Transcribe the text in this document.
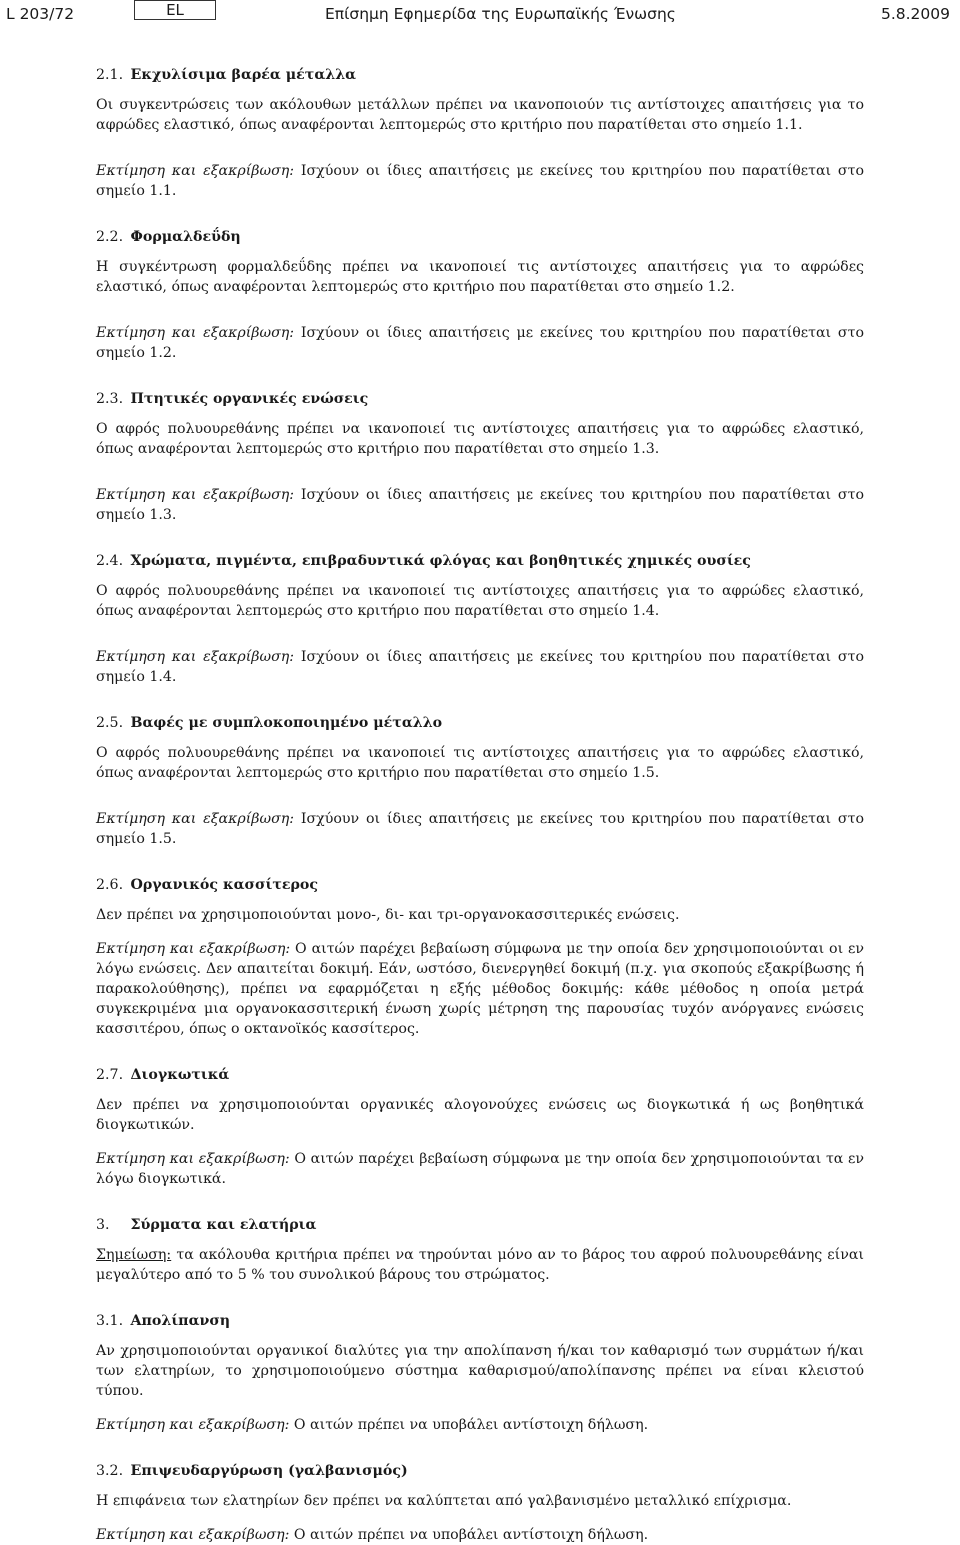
L 203/72	EL	Επίσημη Εφημερίδα της Ευρωπαϊκής Ένωσης	5.8.2009
2.1. Εκχυλίσιμα βαρέα μέταλλα

Οι συγκεντρώσεις των ακόλουθων μετάλλων πρέπει να ικανοποιούν τις αντίστοιχες απαιτήσεις για το αφρώδες ελαστικό, όπως αναφέρονται λεπτομερώς στο κριτήριο που παρατίθεται στο σημείο 1.1.

Εκτίμηση και εξακρίβωση: Ισχύουν οι ίδιες απαιτήσεις με εκείνες του κριτηρίου που παρατίθεται στο σημείο 1.1.

2.2. Φορμαλδεΰδη

Η συγκέντρωση φορμαλδεΰδης πρέπει να ικανοποιεί τις αντίστοιχες απαιτήσεις για το αφρώδες ελαστικό, όπως αναφέρονται λεπτομερώς στο κριτήριο που παρατίθεται στο σημείο 1.2.

Εκτίμηση και εξακρίβωση: Ισχύουν οι ίδιες απαιτήσεις με εκείνες του κριτηρίου που παρατίθεται στο σημείο 1.2.

2.3. Πτητικές οργανικές ενώσεις

Ο αφρός πολυουρεθάνης πρέπει να ικανοποιεί τις αντίστοιχες απαιτήσεις για το αφρώδες ελαστικό, όπως αναφέρονται λεπτομερώς στο κριτήριο που παρατίθεται στο σημείο 1.3.

Εκτίμηση και εξακρίβωση: Ισχύουν οι ίδιες απαιτήσεις με εκείνες του κριτηρίου που παρατίθεται στο σημείο 1.3.

2.4. Χρώματα, πιγμέντα, επιβραδυντικά φλόγας και βοηθητικές χημικές ουσίες

Ο αφρός πολυουρεθάνης πρέπει να ικανοποιεί τις αντίστοιχες απαιτήσεις για το αφρώδες ελαστικό, όπως αναφέρονται λεπτομερώς στο κριτήριο που παρατίθεται στο σημείο 1.4.

Εκτίμηση και εξακρίβωση: Ισχύουν οι ίδιες απαιτήσεις με εκείνες του κριτηρίου που παρατίθεται στο σημείο 1.4.

2.5. Βαφές με συμπλοκοποιημένο μέταλλο

Ο αφρός πολυουρεθάνης πρέπει να ικανοποιεί τις αντίστοιχες απαιτήσεις για το αφρώδες ελαστικό, όπως αναφέρονται λεπτομερώς στο κριτήριο που παρατίθεται στο σημείο 1.5.

Εκτίμηση και εξακρίβωση: Ισχύουν οι ίδιες απαιτήσεις με εκείνες του κριτηρίου που παρατίθεται στο σημείο 1.5.

2.6. Οργανικός κασσίτερος

Δεν πρέπει να χρησιμοποιούνται μονο-, δι- και τρι-οργανοκασσιτερικές ενώσεις.

Εκτίμηση και εξακρίβωση: Ο αιτών παρέχει βεβαίωση σύμφωνα με την οποία δεν χρησιμοποιούνται οι εν λόγω ενώσεις. Δεν απαιτείται δοκιμή. Εάν, ωστόσο, διενεργηθεί δοκιμή (π.χ. για σκοπούς εξακρίβωσης ή παρακολούθησης), πρέπει να εφαρμόζεται η εξής μέθοδος δοκιμής: κάθε μέθοδος η οποία μετρά συγκεκριμένα μια οργανοκασσιτερική ένωση χωρίς μέτρηση της παρουσίας τυχόν ανόργανες ενώσεις κασσιτέρου, όπως ο οκτανοϊκός κασσίτερος.

2.7. Διογκωτικά

Δεν πρέπει να χρησιμοποιούνται οργανικές αλογονούχες ενώσεις ως διογκωτικά ή ως βοηθητικά διογκωτικών.

Εκτίμηση και εξακρίβωση: Ο αιτών παρέχει βεβαίωση σύμφωνα με την οποία δεν χρησιμοποιούνται τα εν λόγω διογκωτικά.

3. Σύρματα και ελατήρια

Σημείωση: τα ακόλουθα κριτήρια πρέπει να τηρούνται μόνο αν το βάρος του αφρού πολυουρεθάνης είναι μεγαλύτερο από το 5 % του συνολικού βάρους του στρώματος.

3.1. Απολίπανση

Αν χρησιμοποιούνται οργανικοί διαλύτες για την απολίπανση ή/και τον καθαρισμό των συρμάτων ή/και των ελατηρίων, το χρησιμοποιούμενο σύστημα καθαρισμού/απολίπανσης πρέπει να είναι κλειστού τύπου.

Εκτίμηση και εξακρίβωση: Ο αιτών πρέπει να υποβάλει αντίστοιχη δήλωση.

3.2. Επιψευδαργύρωση (γαλβανισμός)

Η επιφάνεια των ελατηρίων δεν πρέπει να καλύπτεται από γαλβανισμένο μεταλλικό επίχρισμα.

Εκτίμηση και εξακρίβωση: Ο αιτών πρέπει να υποβάλει αντίστοιχη δήλωση.
